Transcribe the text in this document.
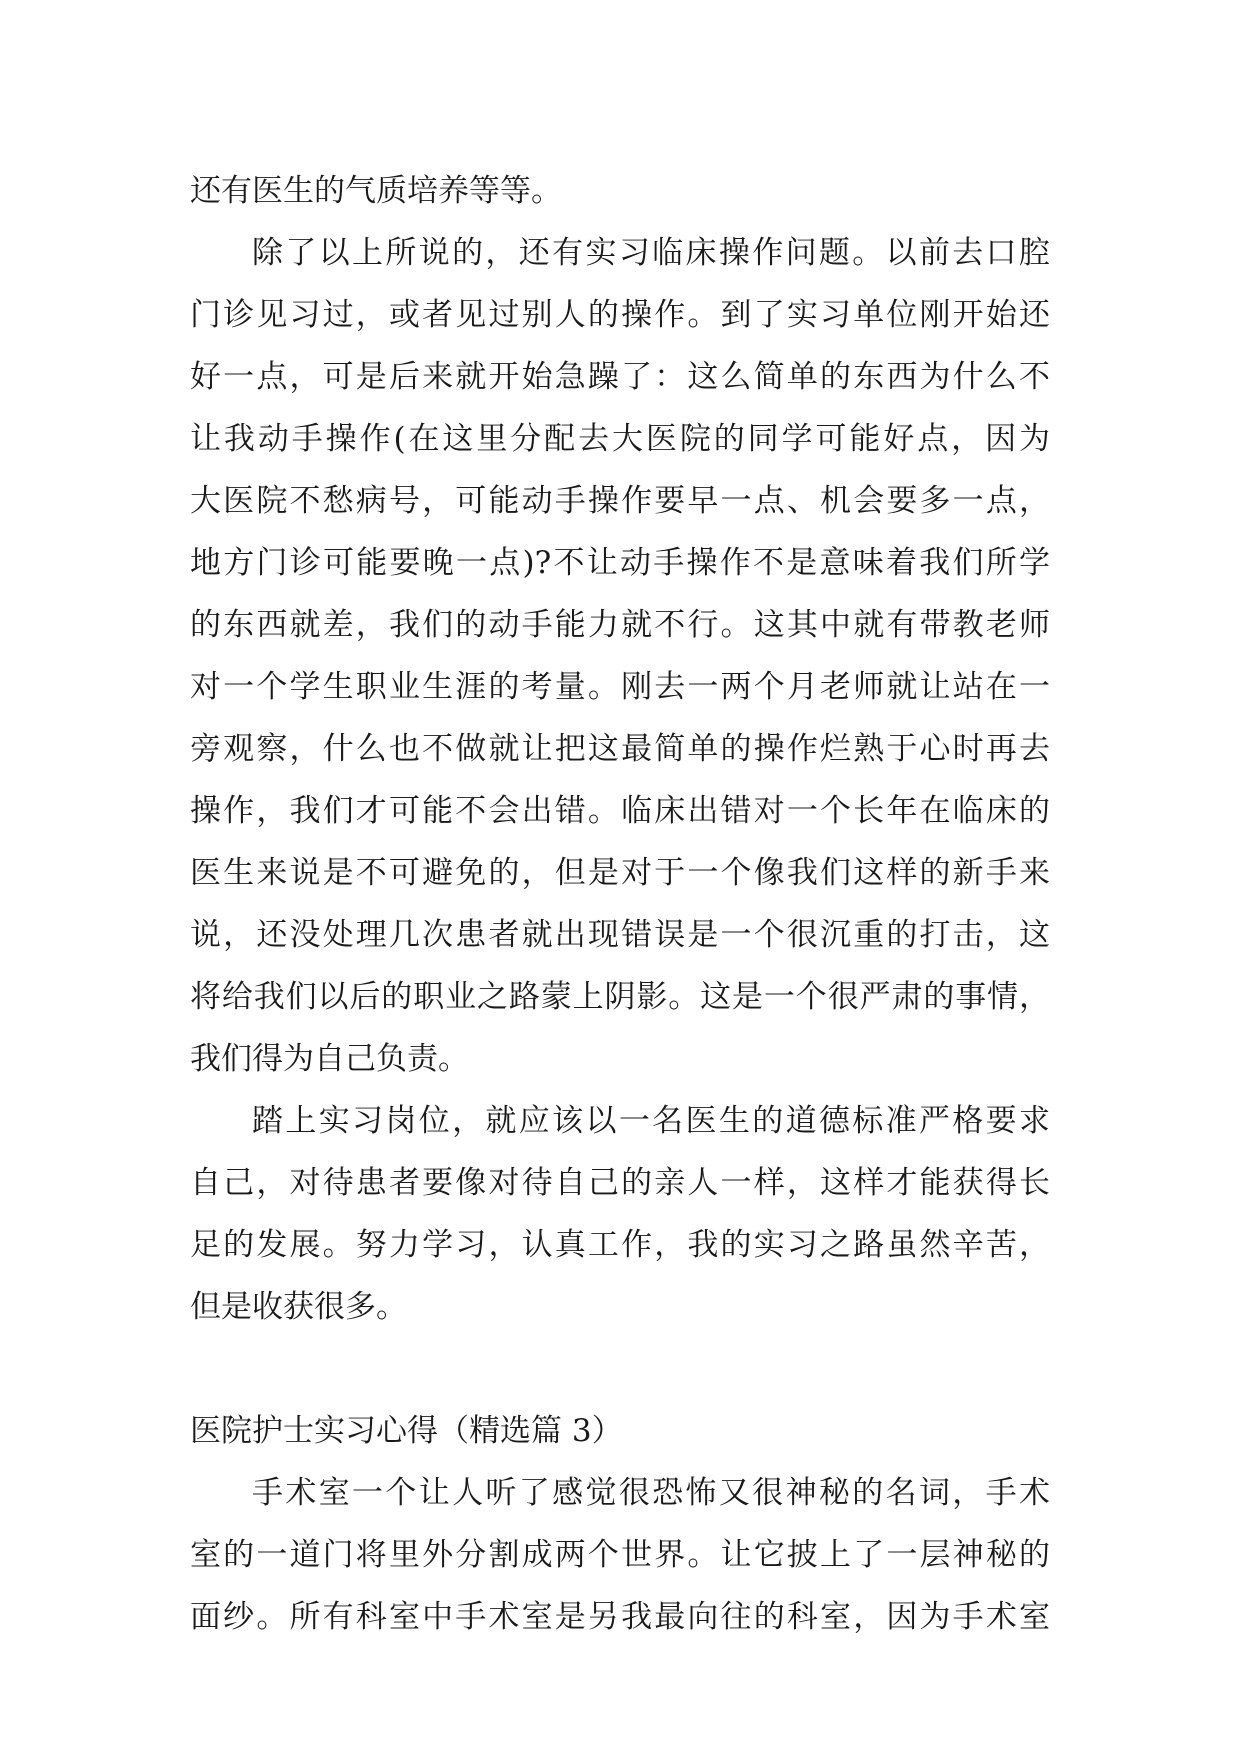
还有医生的气质培养等等。
除了以上所说的，还有实习临床操作问题。以前去口腔
门诊见习过，或者见过别人的操作。到了实习单位刚开始还
好一点，可是后来就开始急躁了：这么简单的东西为什么不
让我动手操作(在这里分配去大医院的同学可能好点，因为
大医院不愁病号，可能动手操作要早一点、机会要多一点，
地方门诊可能要晚一点)?不让动手操作不是意味着我们所学
的东西就差，我们的动手能力就不行。这其中就有带教老师
对一个学生职业生涯的考量。刚去一两个月老师就让站在一
旁观察，什么也不做就让把这最简单的操作烂熟于心时再去
操作，我们才可能不会出错。临床出错对一个长年在临床的
医生来说是不可避免的，但是对于一个像我们这样的新手来
说，还没处理几次患者就出现错误是一个很沉重的打击，这
将给我们以后的职业之路蒙上阴影。这是一个很严肃的事情，
我们得为自己负责。
踏上实习岗位，就应该以一名医生的道德标准严格要求
自己，对待患者要像对待自己的亲人一样，这样才能获得长
足的发展。努力学习，认真工作，我的实习之路虽然辛苦，
但是收获很多。
医院护士实习心得（精选篇 3）
手术室一个让人听了感觉很恐怖又很神秘的名词，手术
室的一道门将里外分割成两个世界。让它披上了一层神秘的
面纱。所有科室中手术室是另我最向往的科室，因为手术室
